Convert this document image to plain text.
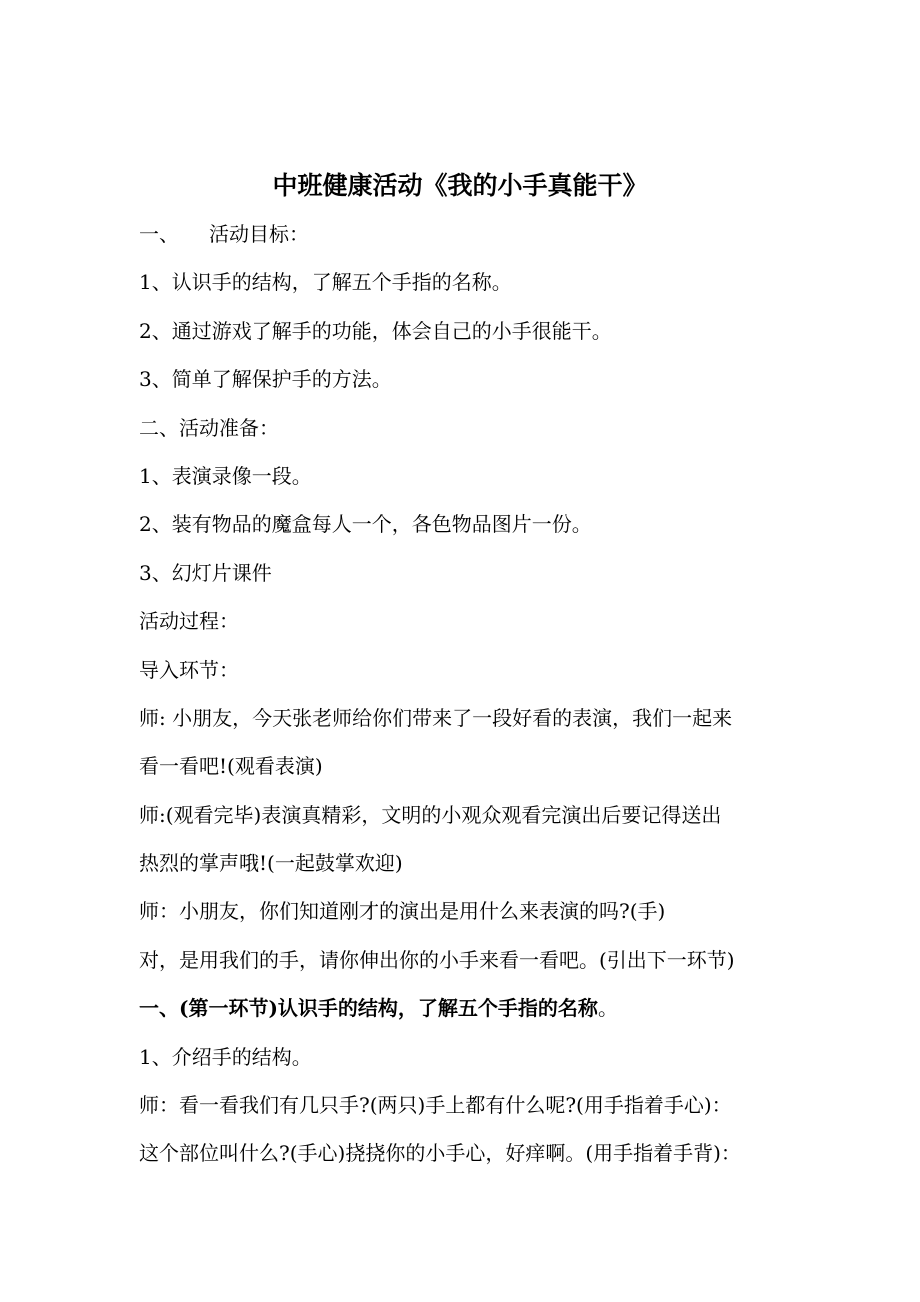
中班健康活动《我的小手真能干》
一、 活动目标：
1、认识手的结构，了解五个手指的名称。
2、通过游戏了解手的功能，体会自己的小手很能干。
3、简单了解保护手的方法。
二、活动准备：
1、表演录像一段。
2、装有物品的魔盒每人一个，各色物品图片一份。
3、幻灯片课件
活动过程：
导入环节：
师: 小朋友，今天张老师给你们带来了一段好看的表演，我们一起来
看一看吧!(观看表演)
师:(观看完毕)表演真精彩，文明的小观众观看完演出后要记得送出
热烈的掌声哦!(一起鼓掌欢迎)
师：小朋友，你们知道刚才的演出是用什么来表演的吗?(手)
对，是用我们的手，请你伸出你的小手来看一看吧。(引出下一环节)
一、(第一环节)认识手的结构，了解五个手指的名称。
1、介绍手的结构。
师：看一看我们有几只手?(两只)手上都有什么呢?(用手指着手心)：
这个部位叫什么?(手心)挠挠你的小手心，好痒啊。(用手指着手背)：
